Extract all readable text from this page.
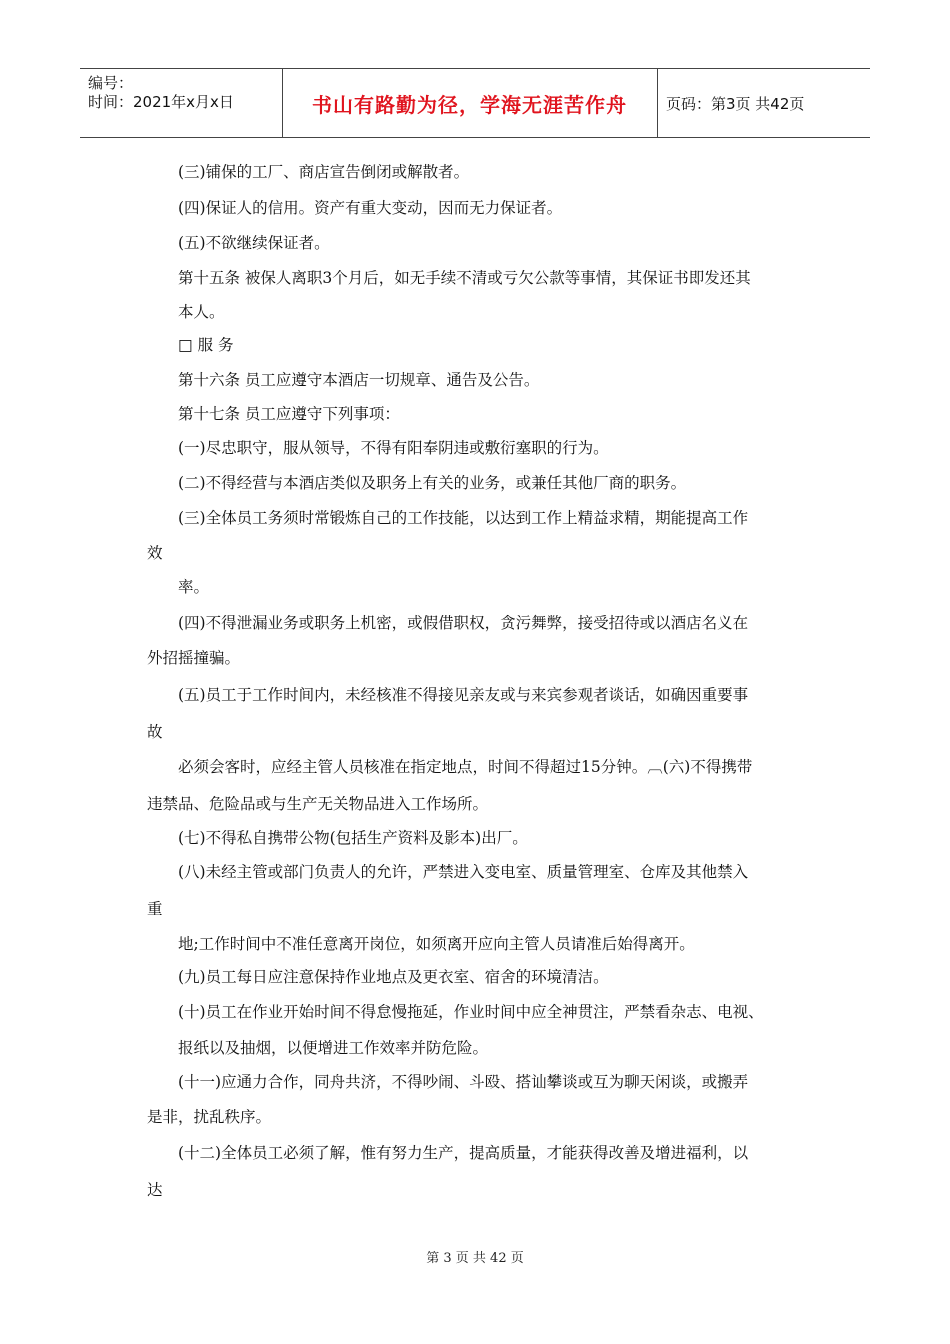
编号：
时间：2021年x月x日	书山有路勤为径，学海无涯苦作舟	页码：第3页 共42页
(三)铺保的工厂、商店宣告倒闭或解散者。
(四)保证人的信用。资产有重大变动，因而无力保证者。
(五)不欲继续保证者。
第十五条 被保人离职3个月后，如无手续不清或亏欠公款等事情，其保证书即发还其
本人。
□ 服 务
第十六条 员工应遵守本酒店一切规章、通告及公告。
第十七条 员工应遵守下列事项：
(一)尽忠职守，服从领导，不得有阳奉阴违或敷衍塞职的行为。
(二)不得经营与本酒店类似及职务上有关的业务，或兼任其他厂商的职务。
(三)全体员工务须时常锻炼自己的工作技能，以达到工作上精益求精，期能提高工作
效
率。
(四)不得泄漏业务或职务上机密，或假借职权，贪污舞弊，接受招待或以酒店名义在
外招摇撞骗。
(五)员工于工作时间内，未经核准不得接见亲友或与来宾参观者谈话，如确因重要事
故
必须会客时，应经主管人员核准在指定地点，时间不得超过15分钟。︹(六)不得携带
违禁品、危险品或与生产无关物品进入工作场所。
(七)不得私自携带公物(包括生产资料及影本)出厂。
(八)未经主管或部门负责人的允许，严禁进入变电室、质量管理室、仓库及其他禁入
重
地;工作时间中不准任意离开岗位，如须离开应向主管人员请准后始得离开。
(九)员工每日应注意保持作业地点及更衣室、宿舍的环境清洁。
(十)员工在作业开始时间不得怠慢拖延，作业时间中应全神贯注，严禁看杂志、电视、
报纸以及抽烟，以便增进工作效率并防危险。
(十一)应通力合作，同舟共济，不得吵闹、斗殴、搭讪攀谈或互为聊天闲谈，或搬弄
是非，扰乱秩序。
(十二)全体员工必须了解，惟有努力生产，提高质量，才能获得改善及增进福利，以
达
第 3 页 共 42 页
